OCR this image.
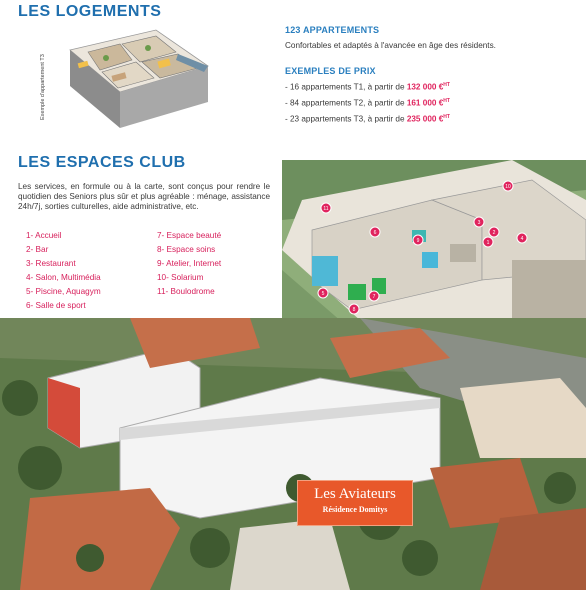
LES LOGEMENTS
Exemple d'appartement T3
123 APPARTEMENTS
Confortables et adaptés à l'avancée en âge des résidents.
EXEMPLES DE PRIX
- 16 appartements T1, à partir de 132 000 €$^{HT}$
- 84 appartements T2, à partir de 161 000 €$^{HT}$
- 23 appartements T3, à partir de 235 000 €$^{HT}$
LES ESPACES CLUB
Les services, en formule ou à la carte, sont conçus pour rendre le quotidien des Seniors plus sûr et plus agréable : ménage, assistance 24h/7j, sorties culturelles, aide administrative, etc.
1- Accueil
2- Bar
3- Restaurant
4- Salon, Multimédia
5- Piscine, Aquagym
6- Salle de sport
7- Espace beauté
8- Espace soins
9- Atelier, Internet
10- Solarium
11- Boulodrome
1
2
3
4
5
6
7
8
9
10
11
Les Aviateurs
Résidence Domitys
